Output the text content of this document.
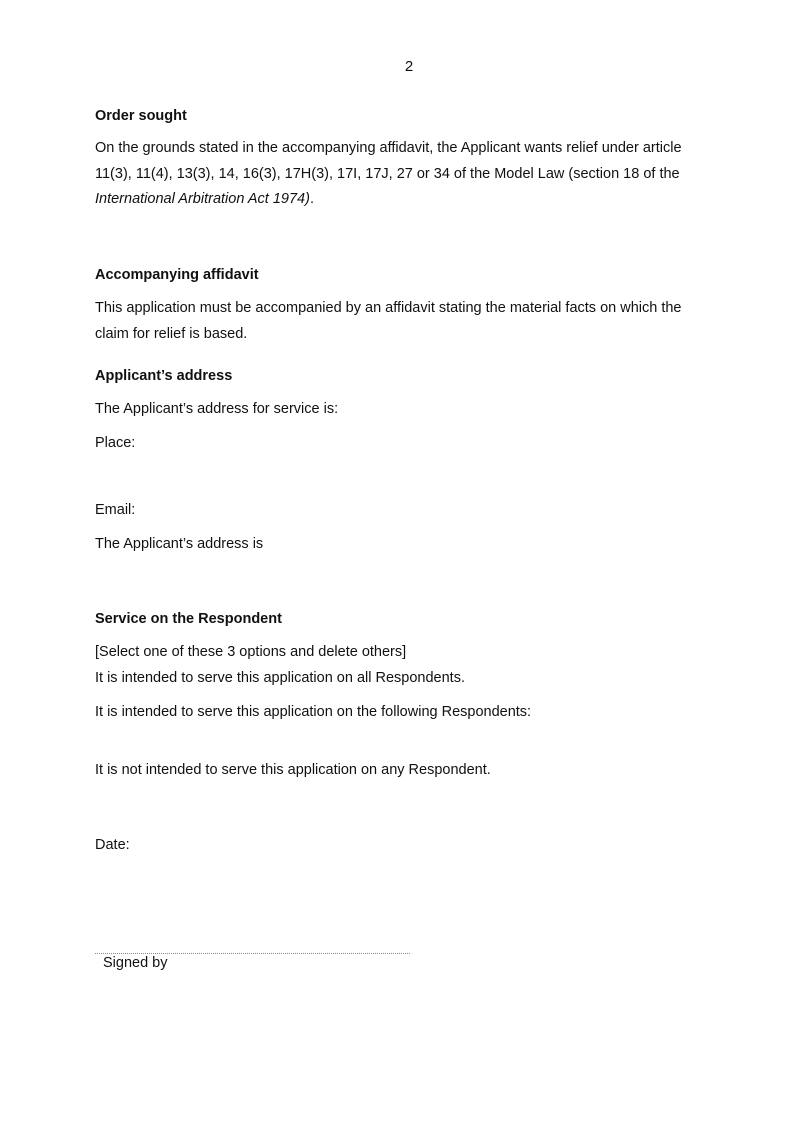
2
Order sought

On the grounds stated in the accompanying affidavit, the Applicant wants relief under article 11(3), 11(4), 13(3), 14, 16(3), 17H(3), 17I, 17J, 27 or 34 of the Model Law (section 18 of the International Arbitration Act 1974).

Accompanying affidavit

This application must be accompanied by an affidavit stating the material facts on which the claim for relief is based.

Applicant’s address
The Applicant’s address for service is:
Place:
Email:
The Applicant’s address is
Service on the Respondent
[Select one of these 3 options and delete others]
It is intended to serve this application on all Respondents.
It is intended to serve this application on the following Respondents:
It is not intended to serve this application on any Respondent.
Date:
Signed by
